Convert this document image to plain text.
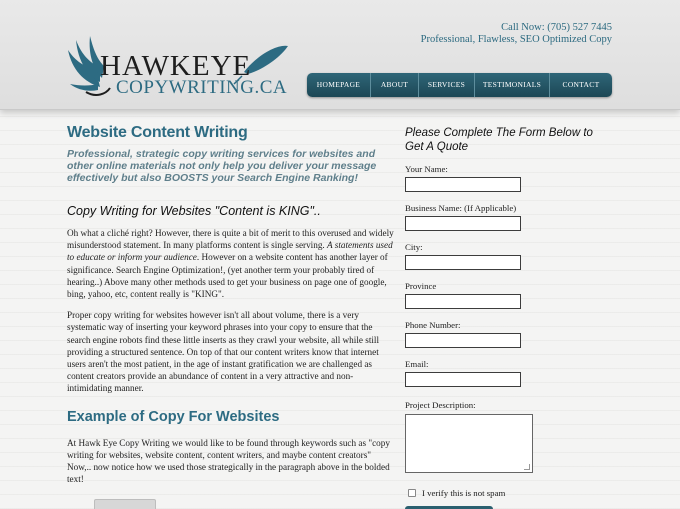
Call Now: (705) 527 7445
Professional, Flawless, SEO Optimized Copy
HAWKEYE
COPYWRITING.CA	HOMEPAGE	ABOUT	SERVICES	TESTIMONIALS	CONTACT
Website Content Writing
Professional, strategic copy writing services for websites and other online materials not only help you deliver your message effectively but also BOOSTS your Search Engine Ranking!
Copy Writing for Websites "Content is KING"..
Oh what a cliché right? However, there is quite a bit of merit to this overused and widely misunderstood statement. In many platforms content is single serving. A statements used to educate or inform your audience. However on a website content has another layer of significance. Search Engine Optimization!, (yet another term your probably tired of hearing..) Above many other methods used to get your business on page one of google, bing, yahoo, etc, content really is "KING".
Proper copy writing for websites however isn't all about volume, there is a very systematic way of inserting your keyword phrases into your copy to ensure that the search engine robots find these little inserts as they crawl your website, all while still providing a structured sentence. On top of that our content writers know that internet users aren't the most patient, in the age of instant gratification we are challenged as content creators provide an abundance of content in a very attractive and non-intimidating manner.
Example of Copy For Websites
At Hawk Eye Copy Writing we would like to be found through keywords such as "copy writing for websites, website content, content writers, and maybe content creators" Now,.. now notice how we used those strategically in the paragraph above in the bolded text!
Please Complete The Form Below to Get A Quote
Your Name:
Business Name: (If Applicable)
City:
Province
Phone Number:
Email:
Project Description:
I verify this is not spam
